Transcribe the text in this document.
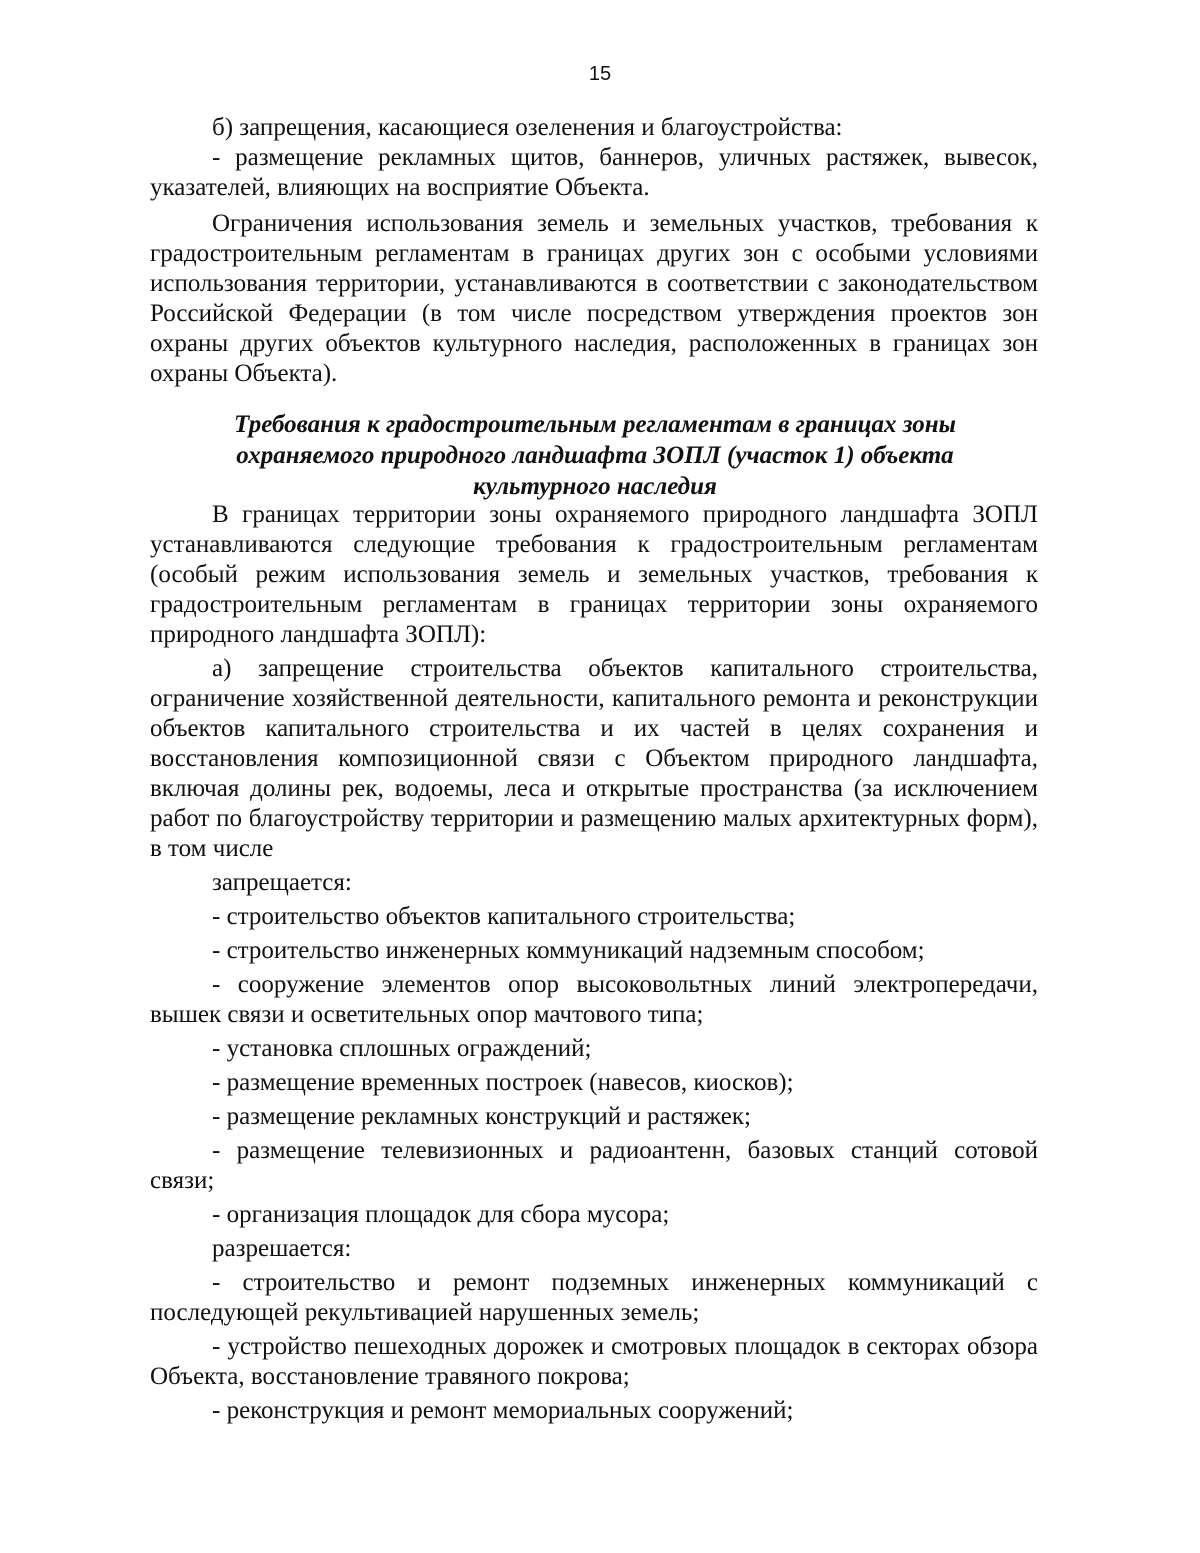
15

б) запрещения, касающиеся озеленения и благоустройства:

- размещение рекламных щитов, баннеров, уличных растяжек, вывесок, указателей, влияющих на восприятие Объекта.

Ограничения использования земель и земельных участков, требования к градостроительным регламентам в границах других зон с особыми условиями использования территории, устанавливаются в соответствии с законодательством Российской Федерации (в том числе посредством утверждения проектов зон охраны других объектов культурного наследия, расположенных в границах зон охраны Объекта).

Требования к градостроительным регламентам в границах зоны
охраняемого природного ландшафта ЗОПЛ (участок 1) объекта
культурного наследия

В границах территории зоны охраняемого природного ландшафта ЗОПЛ устанавливаются следующие требования к градостроительным регламентам (особый режим использования земель и земельных участков, требования к градостроительным регламентам в границах территории зоны охраняемого природного ландшафта ЗОПЛ):

а) запрещение строительства объектов капитального строительства, ограничение хозяйственной деятельности, капитального ремонта и реконструкции объектов капитального строительства и их частей в целях сохранения и восстановления композиционной связи с Объектом природного ландшафта, включая долины рек, водоемы, леса и открытые пространства (за исключением работ по благоустройству территории и размещению малых архитектурных форм), в том числе

запрещается:

- строительство объектов капитального строительства;

- строительство инженерных коммуникаций надземным способом;

- сооружение элементов опор высоковольтных линий электропередачи, вышек связи и осветительных опор мачтового типа;

- установка сплошных ограждений;

- размещение временных построек (навесов, киосков);

- размещение рекламных конструкций и растяжек;

- размещение телевизионных и радиоантенн, базовых станций сотовой связи;

- организация площадок для сбора мусора;

разрешается:

- строительство и ремонт подземных инженерных коммуникаций с последующей рекультивацией нарушенных земель;

- устройство пешеходных дорожек и смотровых площадок в секторах обзора Объекта, восстановление травяного покрова;

- реконструкция и ремонт мемориальных сооружений;
